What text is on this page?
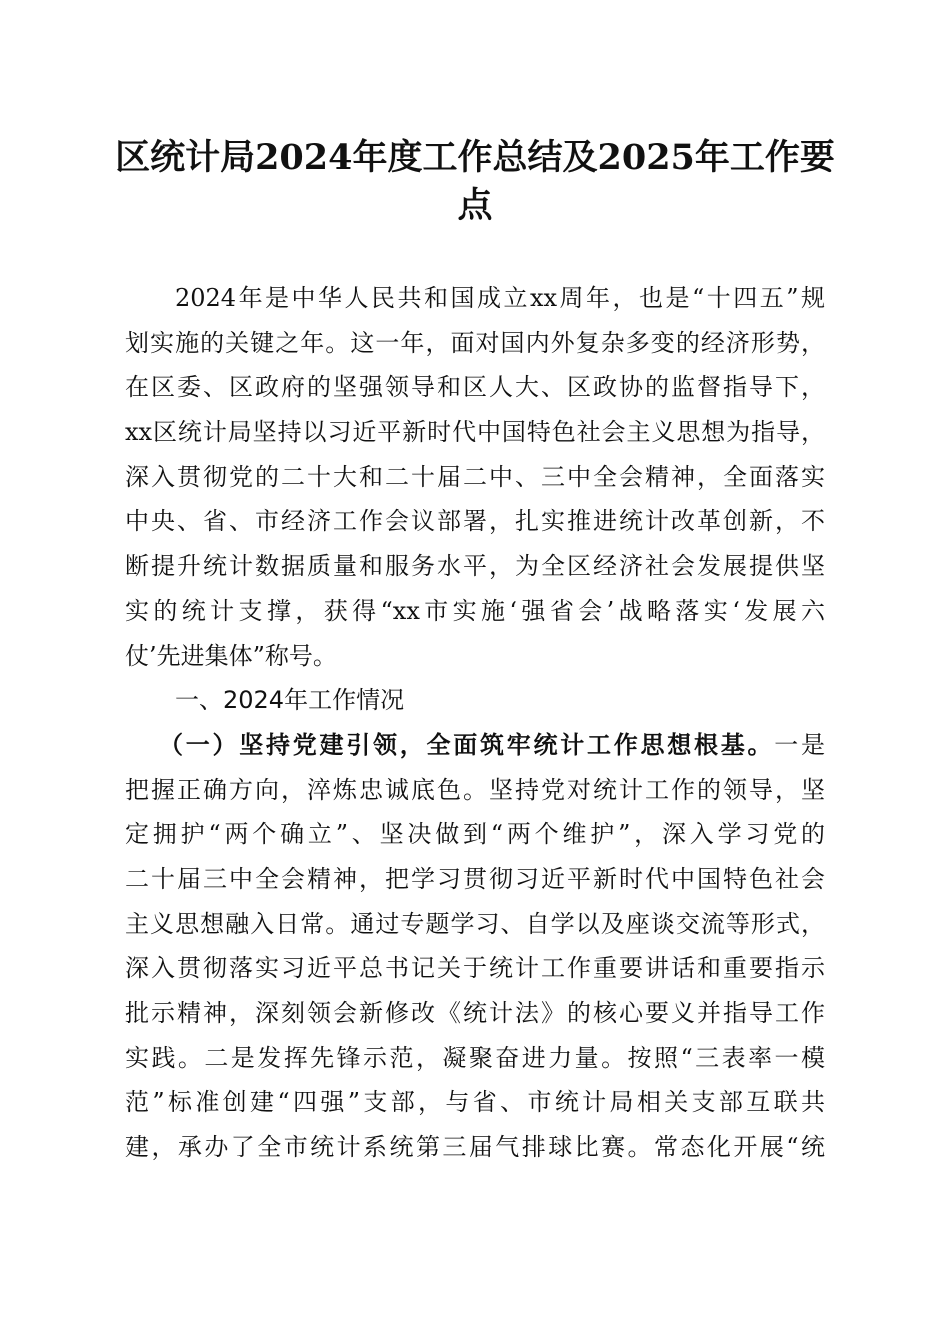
区统计局2024年度工作总结及2025年工作要
点
2024年是中华人民共和国成立xx周年，也是“十四五”规
划实施的关键之年。这一年，面对国内外复杂多变的经济形势，
在区委、区政府的坚强领导和区人大、区政协的监督指导下，
xx区统计局坚持以习近平新时代中国特色社会主义思想为指导，
深入贯彻党的二十大和二十届二中、三中全会精神，全面落实
中央、省、市经济工作会议部署，扎实推进统计改革创新，不
断提升统计数据质量和服务水平，为全区经济社会发展提供坚
实的统计支撑，获得“xx市实施‘强省会’战略落实‘发展六
仗’先进集体”称号。
一、2024年工作情况
（一）坚持党建引领，全面筑牢统计工作思想根基。一是
把握正确方向，淬炼忠诚底色。坚持党对统计工作的领导，坚
定拥护“两个确立”、坚决做到“两个维护”，深入学习党的
二十届三中全会精神，把学习贯彻习近平新时代中国特色社会
主义思想融入日常。通过专题学习、自学以及座谈交流等形式，
深入贯彻落实习近平总书记关于统计工作重要讲话和重要指示
批示精神，深刻领会新修改《统计法》的核心要义并指导工作
实践。二是发挥先锋示范，凝聚奋进力量。按照“三表率一模
范”标准创建“四强”支部，与省、市统计局相关支部互联共
建，承办了全市统计系统第三届气排球比赛。常态化开展“统
